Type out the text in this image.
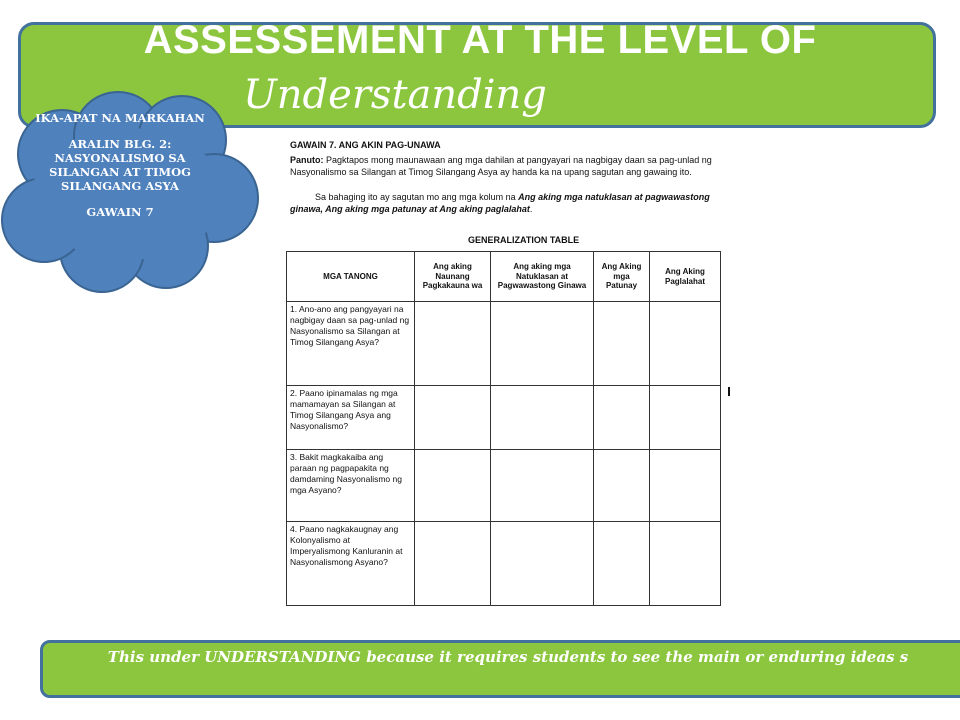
ASSESSEMENT AT THE LEVEL OF
Understanding
IKA-APAT NA MARKAHAN
ARALIN BLG. 2:
NASYONALISMO SA SILANGAN AT TIMOG SILANGANG ASYA
GAWAIN 7
GAWAIN 7. ANG AKIN PAG-UNAWA
Panuto: Pagktapos mong maunawaan ang mga dahilan at pangyayari na nagbigay daan sa pag-unlad ng Nasyonalismo sa Silangan at Timog Silangang Asya ay handa ka na upang sagutan ang gawaing ito.
Sa bahaging ito ay sagutan mo ang mga kolum na Ang aking mga natuklasan at pagwawastong ginawa, Ang aking mga patunay at Ang aking paglalahat.
GENERALIZATION TABLE
MGA TANONG	Ang aking Naunang Pagkakauna wa	Ang aking mga Natuklasan at Pagwawastong Ginawa	Ang Aking mga Patunay	Ang Aking Paglalahat
1. Ano-ano ang pangyayari na nagbigay daan sa pag-unlad ng Nasyonalismo sa Silangan at Timog Silangang Asya?				
2. Paano ipinamalas ng mga mamamayan sa Silangan at Timog Silangang Asya ang Nasyonalismo?				
3. Bakit magkakaiba ang paraan ng pagpapakita ng damdaming Nasyonalismo ng mga Asyano?				
4. Paano nagkakaugnay ang Kolonyalismo at Imperyalismong Kanluranin at Nasyonalismong Asyano?				
This under UNDERSTANDING because it requires students to see the main or enduring ideas s
